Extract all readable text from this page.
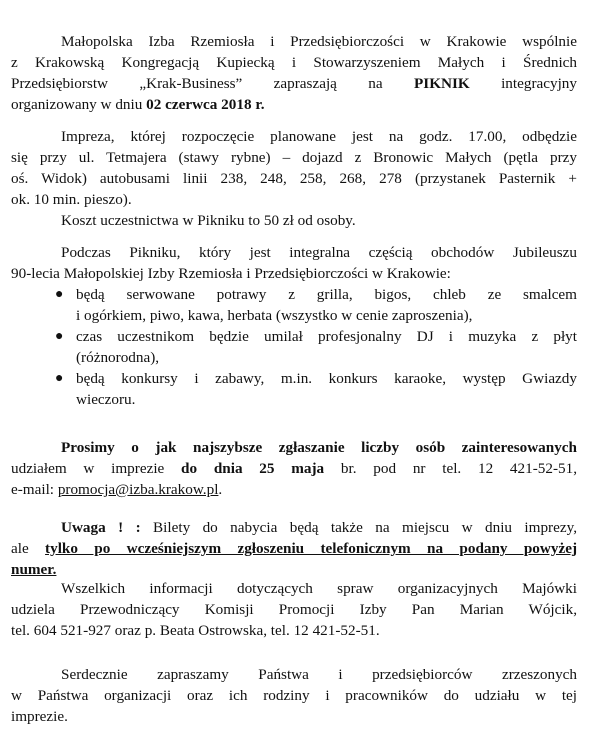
Małopolska Izba Rzemiosła i Przedsiębiorczości w Krakowie wspólnie
z Krakowską Kongregacją Kupiecką i Stowarzyszeniem Małych i Średnich
Przedsiębiorstw „Krak-Business” zapraszają na PIKNIK integracyjny
organizowany w dniu 02 czerwca 2018 r.
Impreza, której rozpoczęcie planowane jest na godz. 17.00, odbędzie
się przy ul. Tetmajera (stawy rybne) – dojazd z Bronowic Małych (pętla przy
oś. Widok) autobusami linii 238, 248, 258, 268, 278 (przystanek Pasternik +
ok. 10 min. pieszo).
Koszt uczestnictwa w Pikniku to 50 zł od osoby.
Podczas Pikniku, który jest integralna częścią obchodów Jubileuszu
90-lecia Małopolskiej Izby Rzemiosła i Przedsiębiorczości w Krakowie:
● będą serwowane potrawy z grilla, bigos, chleb ze smalcem
i ogórkiem, piwo, kawa, herbata (wszystko w cenie zaproszenia),
● czas uczestnikom będzie umilał profesjonalny DJ i muzyka z płyt
(różnorodna),
● będą konkursy i zabawy, m.in. konkurs karaoke, występ Gwiazdy
wieczoru.
Prosimy o jak najszybsze zgłaszanie liczby osób zainteresowanych
udziałem w imprezie do dnia 25 maja br. pod nr tel. 12 421-52-51,
e-mail: promocja@izba.krakow.pl.
Uwaga ! : Bilety do nabycia będą także na miejscu w dniu imprezy,
ale tylko po wcześniejszym zgłoszeniu telefonicznym na podany powyżej
numer.
Wszelkich informacji dotyczących spraw organizacyjnych Majówki
udziela Przewodniczący Komisji Promocji Izby Pan Marian Wójcik,
tel. 604 521-927 oraz p. Beata Ostrowska, tel. 12 421-52-51.
Serdecznie zapraszamy Państwa i przedsiębiorców zrzeszonych
w Państwa organizacji oraz ich rodziny i pracowników do udziału w tej
imprezie.
